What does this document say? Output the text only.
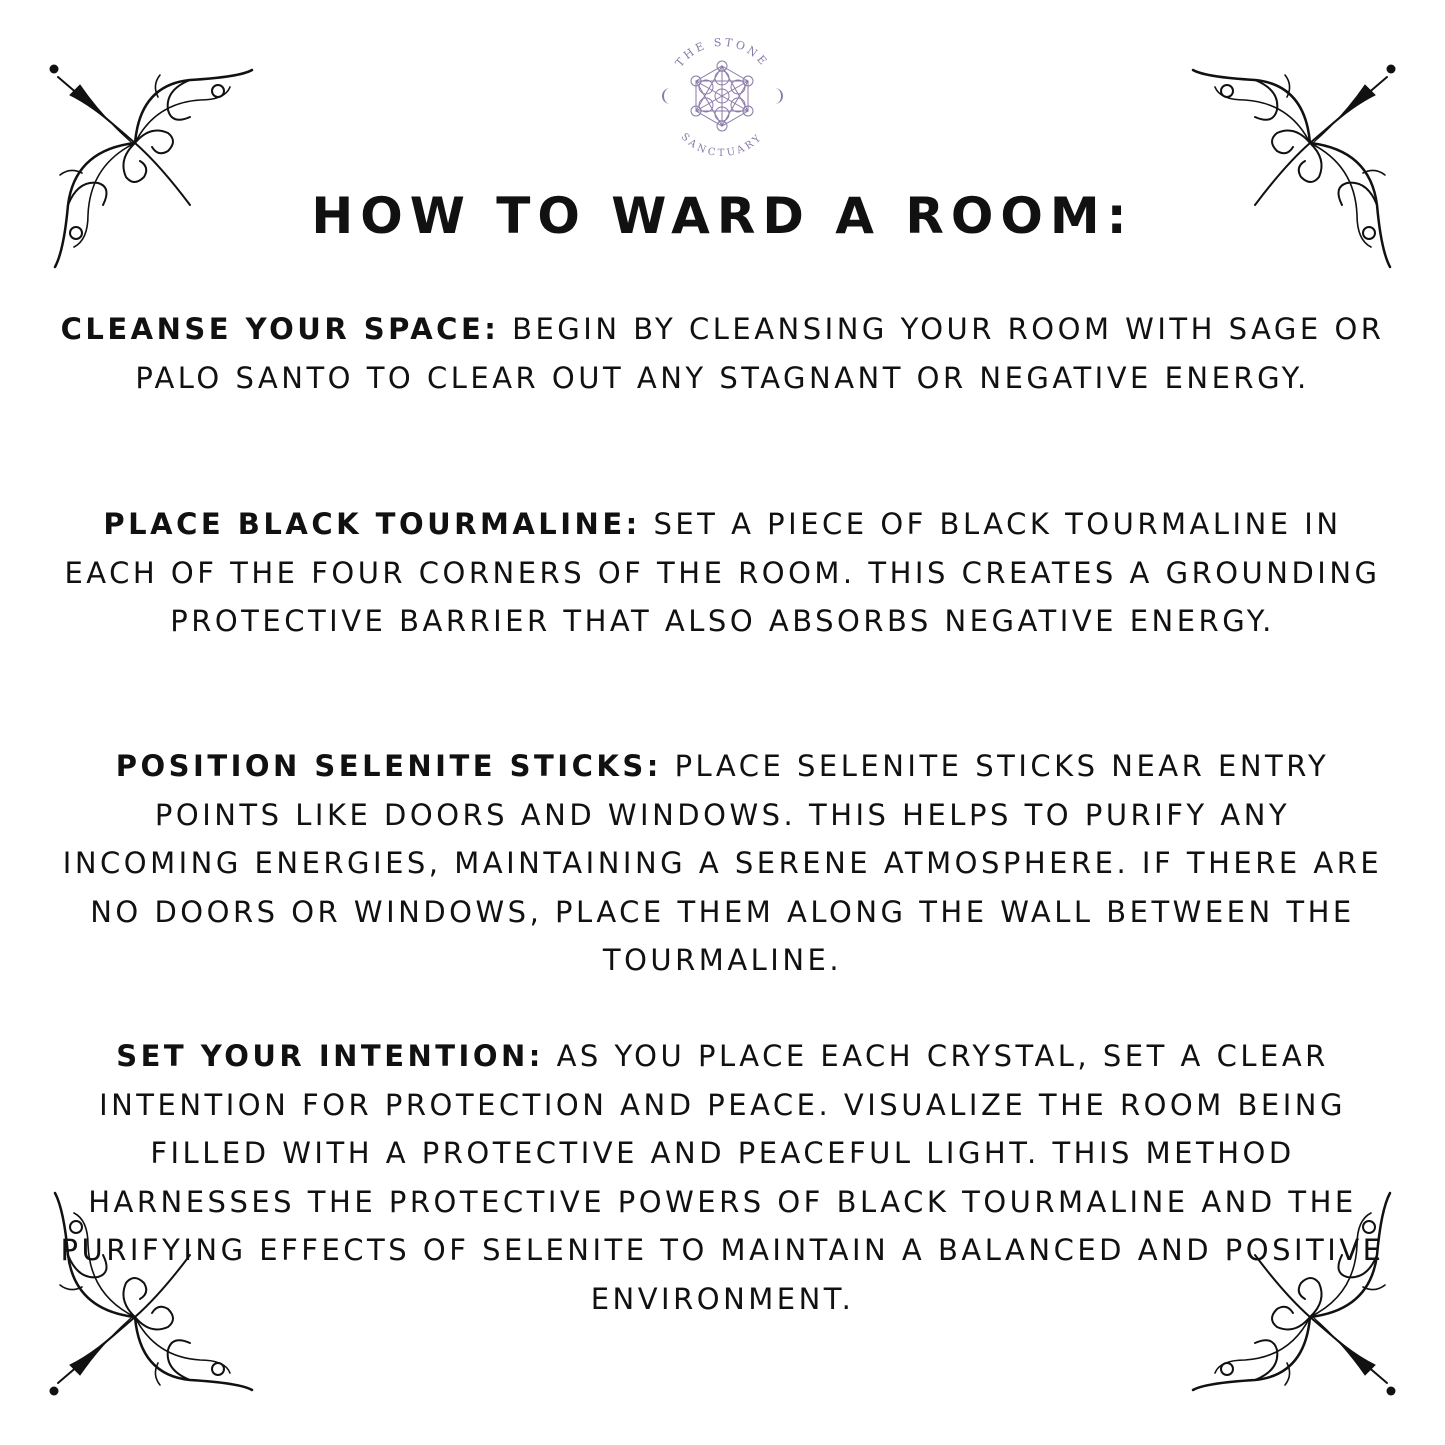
THE STONE
SANCTUARY
HOW TO WARD A ROOM:

CLEANSE YOUR SPACE: BEGIN BY CLEANSING YOUR ROOM WITH SAGE OR PALO SANTO TO CLEAR OUT ANY STAGNANT OR NEGATIVE ENERGY.

PLACE BLACK TOURMALINE: SET A PIECE OF BLACK TOURMALINE IN EACH OF THE FOUR CORNERS OF THE ROOM. THIS CREATES A GROUNDING PROTECTIVE BARRIER THAT ALSO ABSORBS NEGATIVE ENERGY.

POSITION SELENITE STICKS: PLACE SELENITE STICKS NEAR ENTRY POINTS LIKE DOORS AND WINDOWS. THIS HELPS TO PURIFY ANY INCOMING ENERGIES, MAINTAINING A SERENE ATMOSPHERE. IF THERE ARE NO DOORS OR WINDOWS, PLACE THEM ALONG THE WALL BETWEEN THE TOURMALINE.

SET YOUR INTENTION: AS YOU PLACE EACH CRYSTAL, SET A CLEAR INTENTION FOR PROTECTION AND PEACE. VISUALIZE THE ROOM BEING FILLED WITH A PROTECTIVE AND PEACEFUL LIGHT. THIS METHOD HARNESSES THE PROTECTIVE POWERS OF BLACK TOURMALINE AND THE PURIFYING EFFECTS OF SELENITE TO MAINTAIN A BALANCED AND POSITIVE ENVIRONMENT.
